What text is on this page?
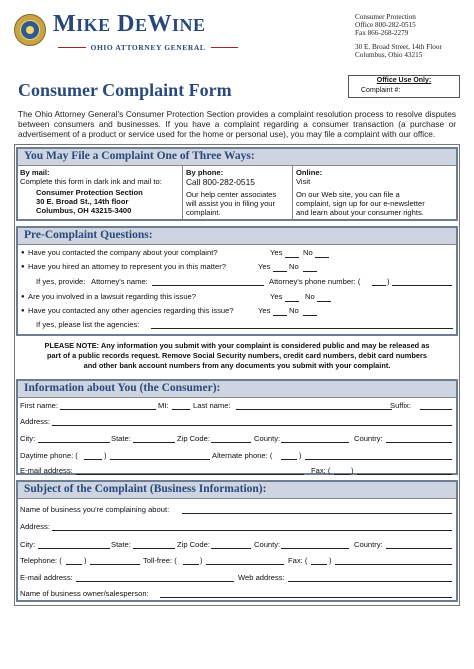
MIKE DEWINE
OHIO ATTORNEY GENERAL
Consumer Protection
Office 800-282-0515
Fax 866-268-2279
30 E. Broad Street, 14th Floor
Columbus, Ohio 43215
Consumer Complaint Form	Office Use Only:
Complaint #:
The Ohio Attorney General's Consumer Protection Section provides a complaint resolution process to resolve disputes between consumers and businesses. If you have a complaint regarding a consumer transaction (a purchase or advertisement of a product or service used for the home or personal use), you may file a complaint with our office.
You May File a Complaint One of Three Ways:
By mail:
Complete this form in dark ink and mail to:
Consumer Protection Section
30 E. Broad St., 14th floor
Columbus, OH 43215-3400
By phone:
Call 800-282-0515
Our help center associates
will assist you in filing your
complaint.
Online:
Visit
On our Web site, you can file a
complaint, sign up for our e-newsletter
and learn about your consumer rights.
Pre-Complaint Questions:
● Have you contacted the company about your complaint?	Yes	No
● Have you hired an attorney to represent you in this matter?	Yes No
If yes, provide: Attorney's name:	Attorney's phone number: (	)
● Are you involved in a lawsuit regarding this issue?	Yes	No
● Have you contacted any other agencies regarding this issue?	Yes No
If yes, please list the agencies:
PLEASE NOTE: Any information you submit with your complaint is considered public and may be released as
part of a public records request. Remove Social Security numbers, credit card numbers, debit card numbers
and other bank account numbers from any documents you submit with your complaint.
Information about You (the Consumer):
First name:	MI:	Last name:	Suffix:
Address:
City:	State:	Zip Code:	County:	Country:
Daytime phone: (	)	Alternate phone: (	)
E-mail address:	Fax: (	)
Subject of the Complaint (Business Information):
Name of business you're complaining about:
Address:
City:	State:	Zip Code:	County:	Country:
Telephone: (	)	Toll-free: (	)	Fax: (	)
E-mail address:	Web address:
Name of business owner/salesperson:
